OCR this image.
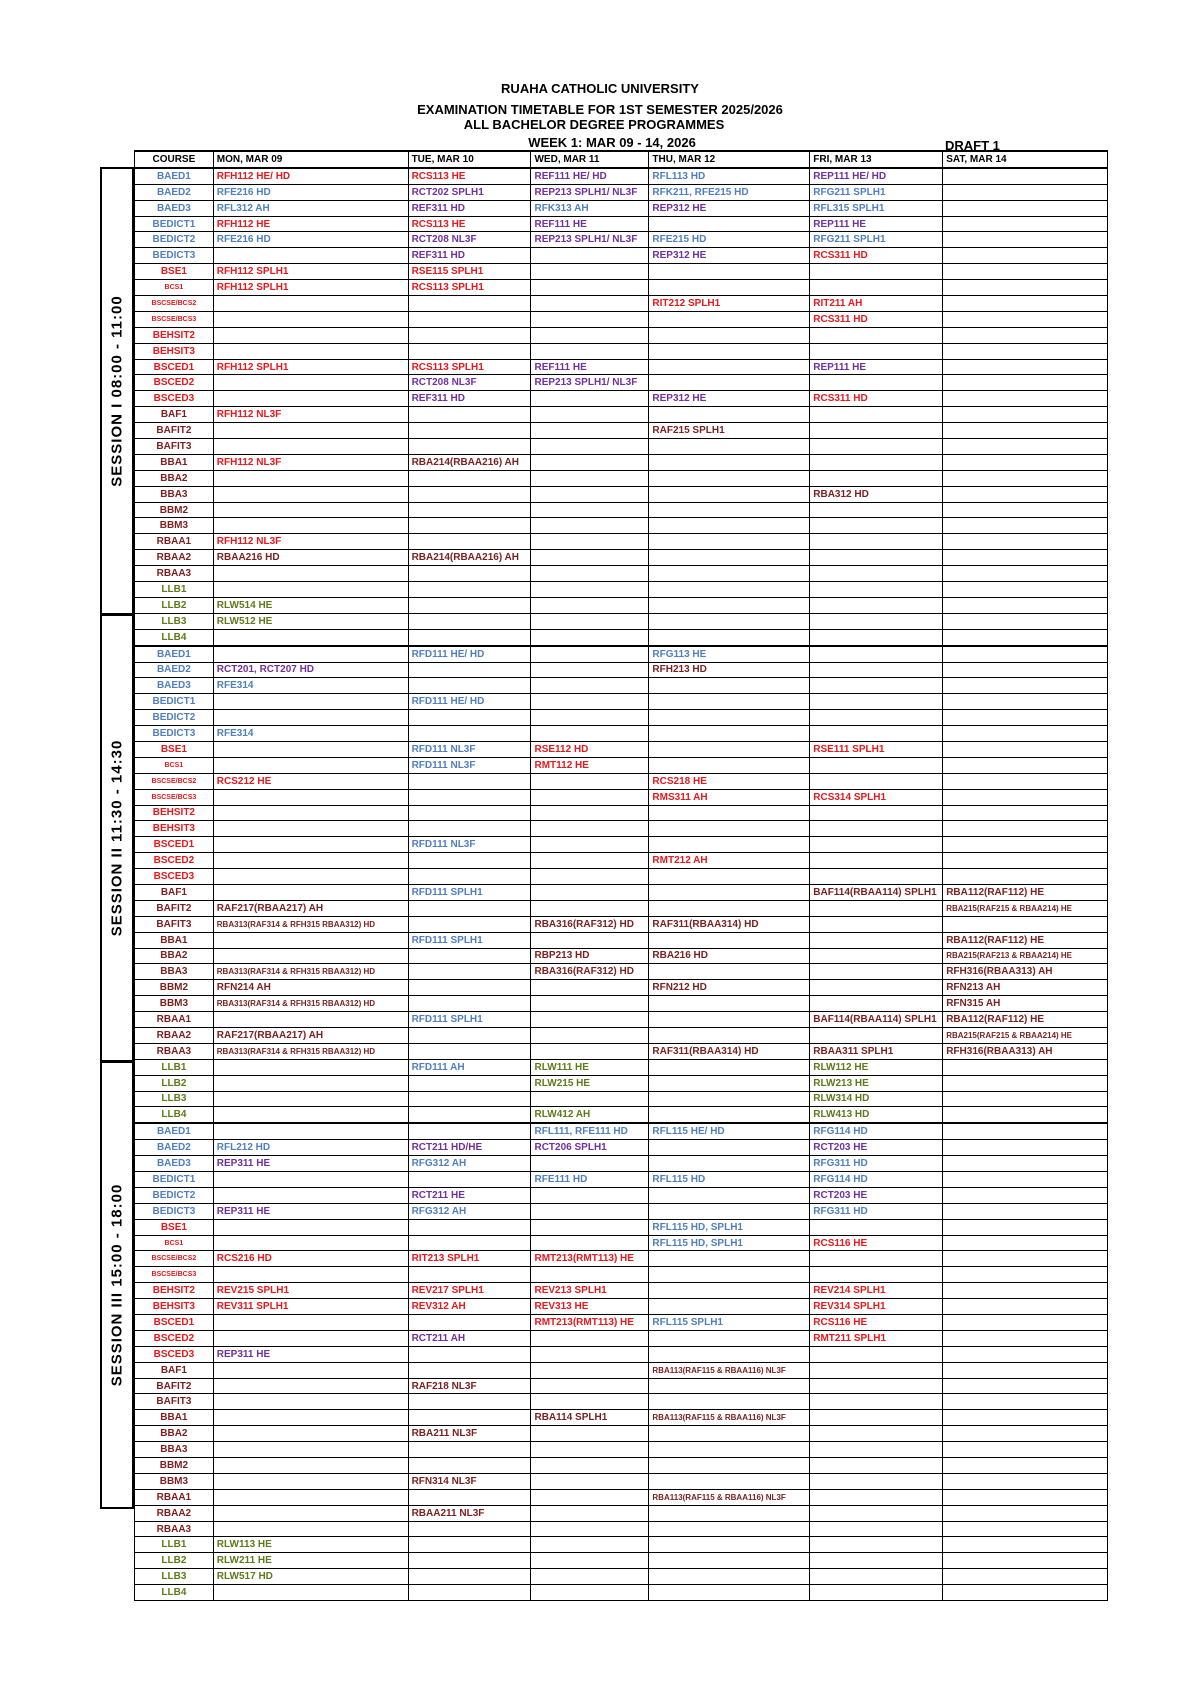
RUAHA CATHOLIC UNIVERSITY
EXAMINATION TIMETABLE FOR 1ST SEMESTER 2025/2026
ALL BACHELOR DEGREE PROGRAMMES
WEEK 1: MAR 09 - 14, 2026	DRAFT 1
COURSE	MON, MAR 09	TUE, MAR 10	WED, MAR 11	THU, MAR 12	FRI, MAR 13	SAT, MAR 14
BAED1	RFH112 HE/ HD	RCS113 HE	REF111 HE/ HD	RFL113 HD	REP111 HE/ HD	
BAED2	RFE216 HD	RCT202 SPLH1	REP213 SPLH1/ NL3F	RFK211, RFE215 HD	RFG211 SPLH1	
BAED3	RFL312 AH	REF311 HD	RFK313 AH	REP312 HE	RFL315 SPLH1	
BEDICT1	RFH112 HE	RCS113 HE	REF111 HE		REP111 HE	
BEDICT2	RFE216 HD	RCT208 NL3F	REP213 SPLH1/ NL3F	RFE215 HD	RFG211 SPLH1	
BEDICT3		REF311 HD		REP312 HE	RCS311 HD	
BSE1	RFH112 SPLH1	RSE115 SPLH1				
BCS1	RFH112 SPLH1	RCS113 SPLH1				
BSCSE/BCS2				RIT212 SPLH1	RIT211 AH	
BSCSE/BCS3					RCS311 HD	
BEHSIT2						
BEHSIT3						
BSCED1	RFH112 SPLH1	RCS113 SPLH1	REF111 HE		REP111 HE	
BSCED2		RCT208 NL3F	REP213 SPLH1/ NL3F			
BSCED3		REF311 HD		REP312 HE	RCS311 HD	
BAF1	RFH112 NL3F					
BAFIT2				RAF215 SPLH1		
BAFIT3						
BBA1	RFH112 NL3F	RBA214(RBAA216) AH				
BBA2						
BBA3					RBA312 HD	
BBM2						
BBM3						
RBAA1	RFH112 NL3F					
RBAA2	RBAA216 HD	RBA214(RBAA216) AH				
RBAA3						
LLB1						
LLB2	RLW514 HE					
LLB3	RLW512 HE					
LLB4						
BAED1		RFD111 HE/ HD		RFG113 HE		
BAED2	RCT201, RCT207 HD			RFH213 HD		
BAED3	RFE314					
BEDICT1		RFD111 HE/ HD				
BEDICT2						
BEDICT3	RFE314					
BSE1		RFD111 NL3F	RSE112 HD		RSE111 SPLH1	
BCS1		RFD111 NL3F	RMT112 HE			
BSCSE/BCS2	RCS212 HE			RCS218 HE		
BSCSE/BCS3				RMS311 AH	RCS314 SPLH1	
BEHSIT2						
BEHSIT3						
BSCED1		RFD111 NL3F				
BSCED2				RMT212 AH		
BSCED3						
BAF1		RFD111 SPLH1			BAF114(RBAA114) SPLH1	RBA112(RAF112) HE
BAFIT2	RAF217(RBAA217) AH					RBA215(RAF215 & RBAA214) HE
BAFIT3	RBA313(RAF314 & RFH315 RBAA312) HD		RBA316(RAF312) HD	RAF311(RBAA314) HD		
BBA1		RFD111 SPLH1				RBA112(RAF112) HE
BBA2			RBP213 HD	RBA216 HD		RBA215(RAF213 & RBAA214) HE
BBA3	RBA313(RAF314 & RFH315 RBAA312) HD		RBA316(RAF312) HD			RFH316(RBAA313) AH
BBM2	RFN214 AH			RFN212 HD		RFN213 AH
BBM3	RBA313(RAF314 & RFH315 RBAA312) HD					RFN315 AH
RBAA1		RFD111 SPLH1			BAF114(RBAA114) SPLH1	RBA112(RAF112) HE
RBAA2	RAF217(RBAA217) AH					RBA215(RAF215 & RBAA214) HE
RBAA3	RBA313(RAF314 & RFH315 RBAA312) HD			RAF311(RBAA314) HD	RBAA311 SPLH1	RFH316(RBAA313) AH
LLB1		RFD111 AH	RLW111 HE		RLW112 HE	
LLB2			RLW215 HE		RLW213 HE	
LLB3					RLW314 HD	
LLB4			RLW412 AH		RLW413 HD	
BAED1			RFL111, RFE111 HD	RFL115 HE/ HD	RFG114 HD	
BAED2	RFL212 HD	RCT211 HD/HE	RCT206 SPLH1		RCT203 HE	
BAED3	REP311 HE	RFG312 AH			RFG311 HD	
BEDICT1			RFE111 HD	RFL115 HD	RFG114 HD	
BEDICT2		RCT211 HE			RCT203 HE	
BEDICT3	REP311 HE	RFG312 AH			RFG311 HD	
BSE1				RFL115 HD, SPLH1		
BCS1				RFL115 HD, SPLH1	RCS116 HE	
BSCSE/BCS2	RCS216 HD	RIT213 SPLH1	RMT213(RMT113) HE			
BSCSE/BCS3						
BEHSIT2	REV215 SPLH1	REV217 SPLH1	REV213 SPLH1		REV214 SPLH1	
BEHSIT3	REV311 SPLH1	REV312 AH	REV313 HE		REV314 SPLH1	
BSCED1			RMT213(RMT113) HE	RFL115 SPLH1	RCS116 HE	
BSCED2		RCT211 AH			RMT211 SPLH1	
BSCED3	REP311 HE					
BAF1				RBA113(RAF115 & RBAA116) NL3F		
BAFIT2		RAF218 NL3F				
BAFIT3						
BBA1			RBA114 SPLH1	RBA113(RAF115 & RBAA116) NL3F		
BBA2		RBA211 NL3F				
BBA3						
BBM2						
BBM3		RFN314 NL3F				
RBAA1				RBA113(RAF115 & RBAA116) NL3F		
RBAA2		RBAA211 NL3F				
RBAA3						
LLB1	RLW113 HE					
LLB2	RLW211 HE					
LLB3	RLW517 HD					
LLB4						
SESSION I 08:00 - 11:00
SESSION II 11:30 - 14:30
SESSION III 15:00 - 18:00
